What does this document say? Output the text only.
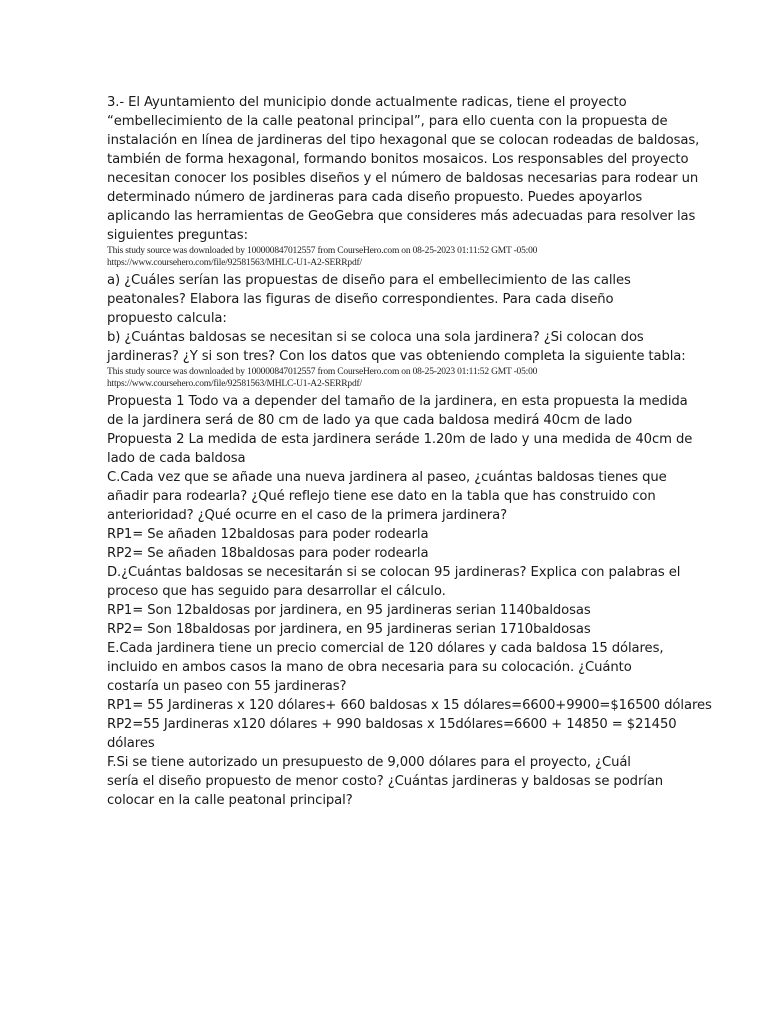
3.- El Ayuntamiento del municipio donde actualmente radicas, tiene el proyecto
“embellecimiento de la calle peatonal principal”, para ello cuenta con la propuesta de
instalación en línea de jardineras del tipo hexagonal que se colocan rodeadas de baldosas,
también de forma hexagonal, formando bonitos mosaicos. Los responsables del proyecto
necesitan conocer los posibles diseños y el número de baldosas necesarias para rodear un
determinado número de jardineras para cada diseño propuesto. Puedes apoyarlos
aplicando las herramientas de GeoGebra que consideres más adecuadas para resolver las
siguientes preguntas:
This study source was downloaded by 100000847012557 from CourseHero.com on 08-25-2023 01:11:52 GMT -05:00
https://www.coursehero.com/file/92581563/MHLC-U1-A2-SERRpdf/
a) ¿Cuáles serían las propuestas de diseño para el embellecimiento de las calles
peatonales? Elabora las figuras de diseño correspondientes. Para cada diseño
propuesto calcula:
b) ¿Cuántas baldosas se necesitan si se coloca una sola jardinera? ¿Si colocan dos
jardineras? ¿Y si son tres? Con los datos que vas obteniendo completa la siguiente tabla:
This study source was downloaded by 100000847012557 from CourseHero.com on 08-25-2023 01:11:52 GMT -05:00
https://www.coursehero.com/file/92581563/MHLC-U1-A2-SERRpdf/
Propuesta 1 Todo va a depender del tamaño de la jardinera, en esta propuesta la medida
de la jardinera será de 80 cm de lado ya que cada baldosa medirá 40cm de lado
Propuesta 2 La medida de esta jardinera seráde 1.20m de lado y una medida de 40cm de
lado de cada baldosa
C.Cada vez que se añade una nueva jardinera al paseo, ¿cuántas baldosas tienes que
añadir para rodearla? ¿Qué reflejo tiene ese dato en la tabla que has construido con
anterioridad? ¿Qué ocurre en el caso de la primera jardinera?
RP1= Se añaden 12baldosas para poder rodearla
RP2= Se añaden 18baldosas para poder rodearla
D.¿Cuántas baldosas se necesitarán si se colocan 95 jardineras? Explica con palabras el
proceso que has seguido para desarrollar el cálculo.
RP1= Son 12baldosas por jardinera, en 95 jardineras serian 1140baldosas
RP2= Son 18baldosas por jardinera, en 95 jardineras serian 1710baldosas
E.Cada jardinera tiene un precio comercial de 120 dólares y cada baldosa 15 dólares,
incluido en ambos casos la mano de obra necesaria para su colocación. ¿Cuánto
costaría un paseo con 55 jardineras?
RP1= 55 Jardineras x 120 dólares+ 660 baldosas x 15 dólares=6600+9900=$16500 dólares
RP2=55 Jardineras x120 dólares + 990 baldosas x 15dólares=6600 + 14850 = $21450
dólares
F.Si se tiene autorizado un presupuesto de 9,000 dólares para el proyecto, ¿Cuál
sería el diseño propuesto de menor costo? ¿Cuántas jardineras y baldosas se podrían
colocar en la calle peatonal principal?
